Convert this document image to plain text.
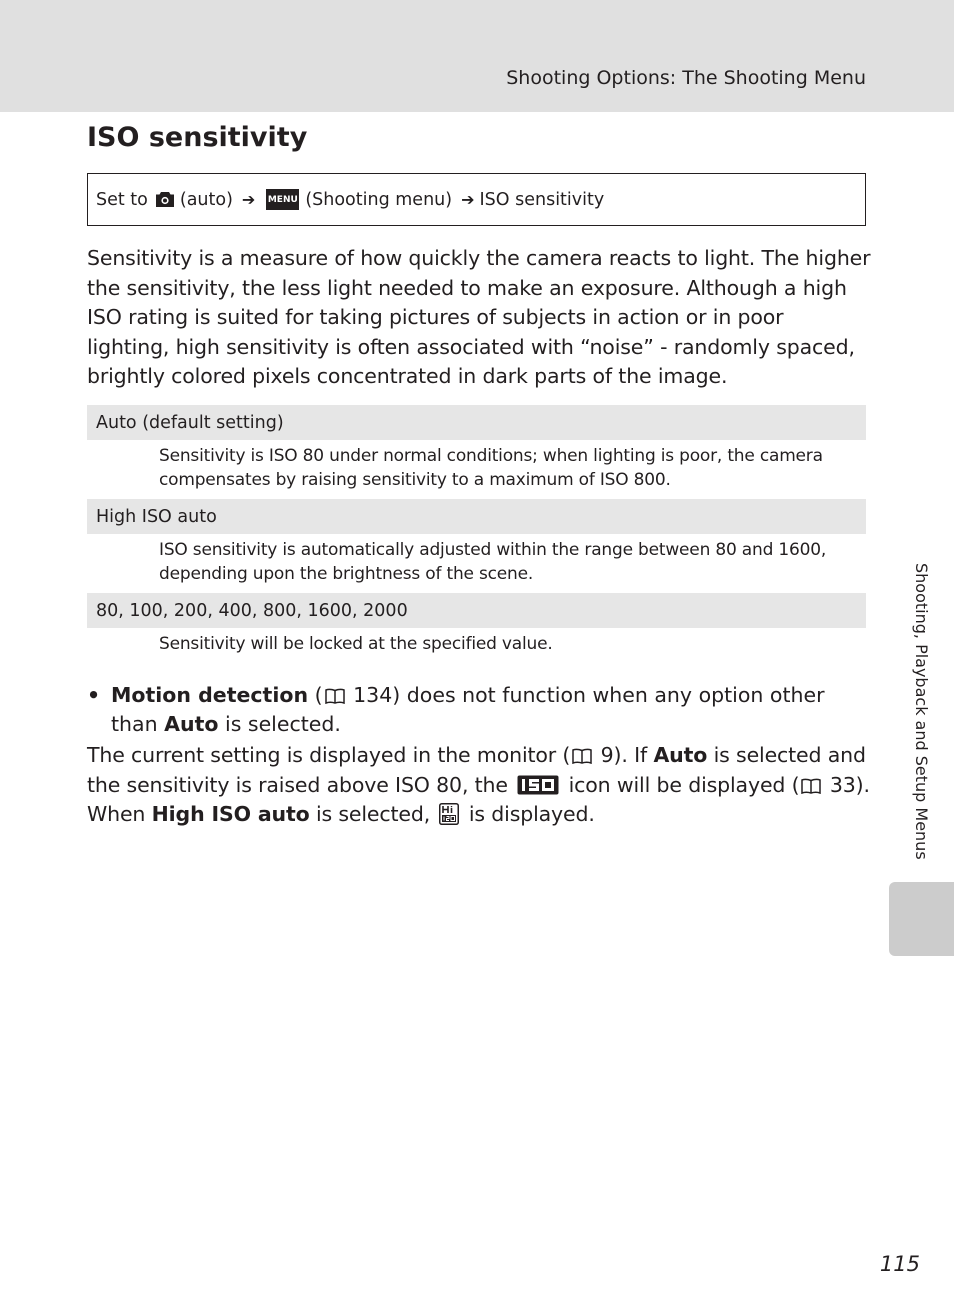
Shooting Options: The Shooting Menu
ISO sensitivity
Set to (auto) ➔ MENU (Shooting menu) ➔ ISO sensitivity

Sensitivity is a measure of how quickly the camera reacts to light. The higher the sensitivity, the less light needed to make an exposure. Although a high ISO rating is suited for taking pictures of subjects in action or in poor lighting, high sensitivity is often associated with “noise” - randomly spaced, brightly colored pixels concentrated in dark parts of the image.

Auto (default setting)

Sensitivity is ISO 80 under normal conditions; when lighting is poor, the camera compensates by raising sensitivity to a maximum of ISO 800.

High ISO auto

ISO sensitivity is automatically adjusted within the range between 80 and 1600, depending upon the brightness of the scene.

80, 100, 200, 400, 800, 1600, 2000

Sensitivity will be locked at the specified value.

• Motion detection ( 134) does not function when any option other than Auto is selected.

The current setting is displayed in the monitor ( 9). If Auto is selected and the sensitivity is raised above ISO 80, the	icon will be displayed ( 33). When High ISO auto is selected, is displayed.	Shooting, Playback and Setup Menus
115
